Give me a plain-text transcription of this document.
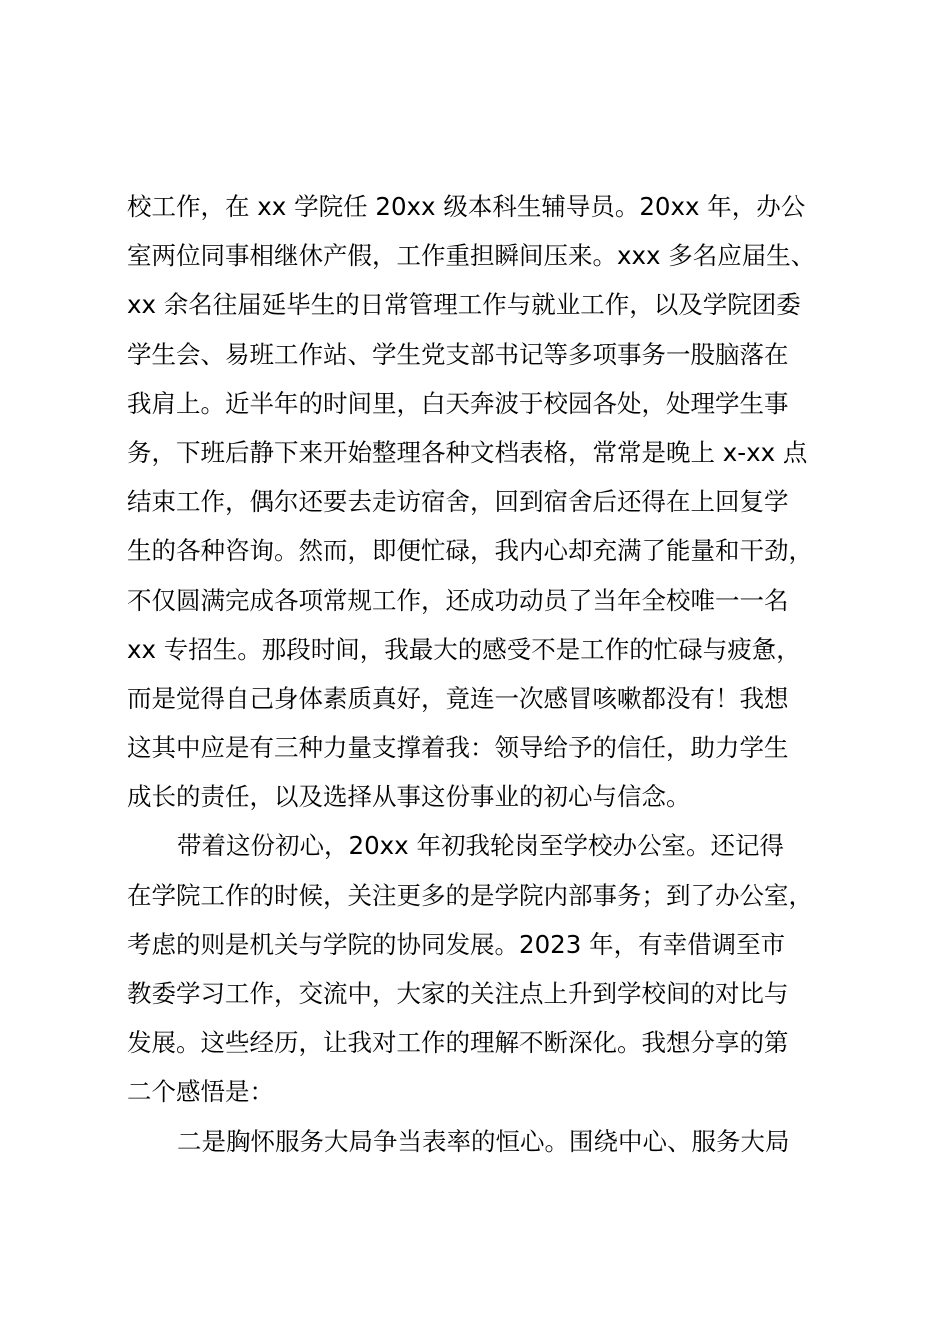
校工作，在 xx 学院任 20xx 级本科生辅导员。20xx 年，办公
室两位同事相继休产假，工作重担瞬间压来。xxx 多名应届生、
xx 余名往届延毕生的日常管理工作与就业工作，以及学院团委
学生会、易班工作站、学生党支部书记等多项事务一股脑落在
我肩上。近半年的时间里，白天奔波于校园各处，处理学生事
务，下班后静下来开始整理各种文档表格，常常是晚上 x-xx 点
结束工作，偶尔还要去走访宿舍，回到宿舍后还得在上回复学
生的各种咨询。然而，即便忙碌，我内心却充满了能量和干劲，
不仅圆满完成各项常规工作，还成功动员了当年全校唯一一名
xx 专招生。那段时间，我最大的感受不是工作的忙碌与疲惫，
而是觉得自己身体素质真好，竟连一次感冒咳嗽都没有！我想
这其中应是有三种力量支撑着我：领导给予的信任，助力学生
成长的责任，以及选择从事这份事业的初心与信念。
带着这份初心，20xx 年初我轮岗至学校办公室。还记得
在学院工作的时候，关注更多的是学院内部事务；到了办公室，
考虑的则是机关与学院的协同发展。2023 年，有幸借调至市
教委学习工作，交流中，大家的关注点上升到学校间的对比与
发展。这些经历，让我对工作的理解不断深化。我想分享的第
二个感悟是：
二是胸怀服务大局争当表率的恒心。围绕中心、服务大局
